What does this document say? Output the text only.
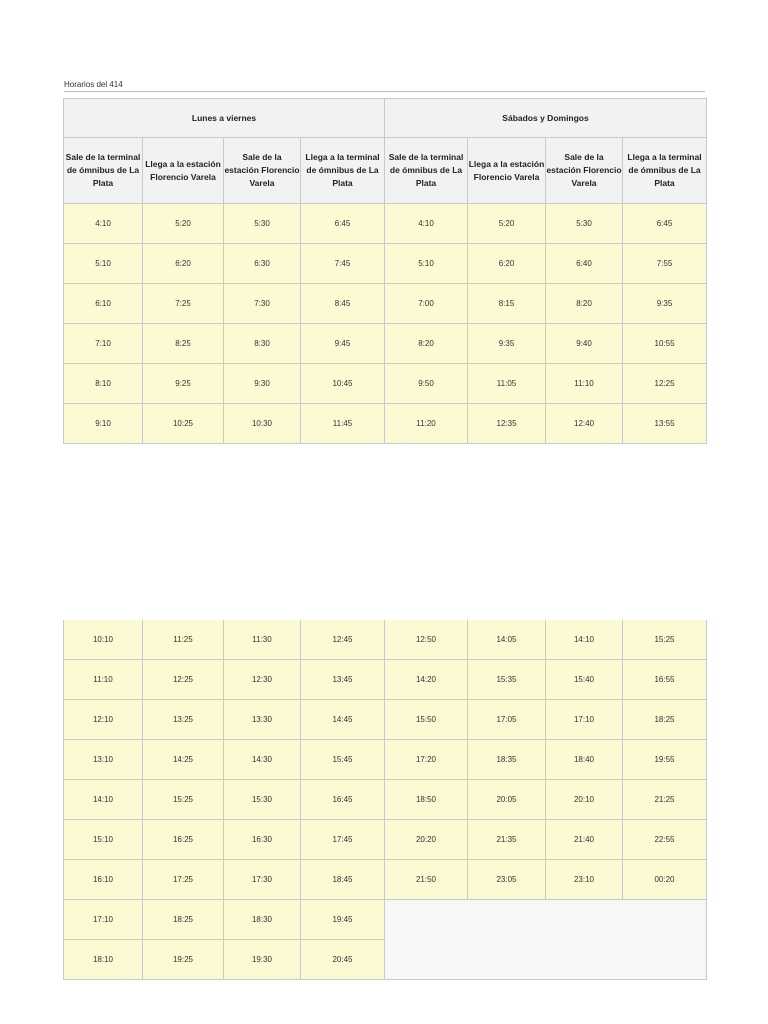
Horarios del 414
Lunes a viernes				Sábados y Domingos			
Sale de la terminal de ómnibus de La Plata	Llega a la estación Florencio Varela	Sale de la estación Florencio Varela	Llega a la terminal de ómnibus de La Plata	Sale de la terminal de ómnibus de La Plata	Llega a la estación Florencio Varela	Sale de la estación Florencio Varela	Llega a la terminal de ómnibus de La Plata
4:10	5:20	5:30	6:45	4:10	5:20	5:30	6:45
5:10	6:20	6:30	7:45	5:10	6:20	6:40	7:55
6:10	7:25	7:30	8:45	7:00	8:15	8:20	9:35
7:10	8:25	8:30	9:45	8:20	9:35	9:40	10:55
8:10	9:25	9:30	10:45	9:50	11:05	11:10	12:25
9:10	10:25	10:30	11:45	11:20	12:35	12:40	13:55
10:10	11:25	11:30	12:45	12:50	14:05	14:10	15:25
11:10	12:25	12:30	13:45	14:20	15:35	15:40	16:55
12:10	13:25	13:30	14:45	15:50	17:05	17:10	18:25
13:10	14:25	14:30	15:45	17:20	18:35	18:40	19:55
14:10	15:25	15:30	16:45	18:50	20:05	20:10	21:25
15:10	16:25	16:30	17:45	20:20	21:35	21:40	22:55
16:10	17:25	17:30	18:45	21:50	23:05	23:10	00:20
17:10	18:25	18:30	19:45				
18:10	19:25	19:30	20:45				
